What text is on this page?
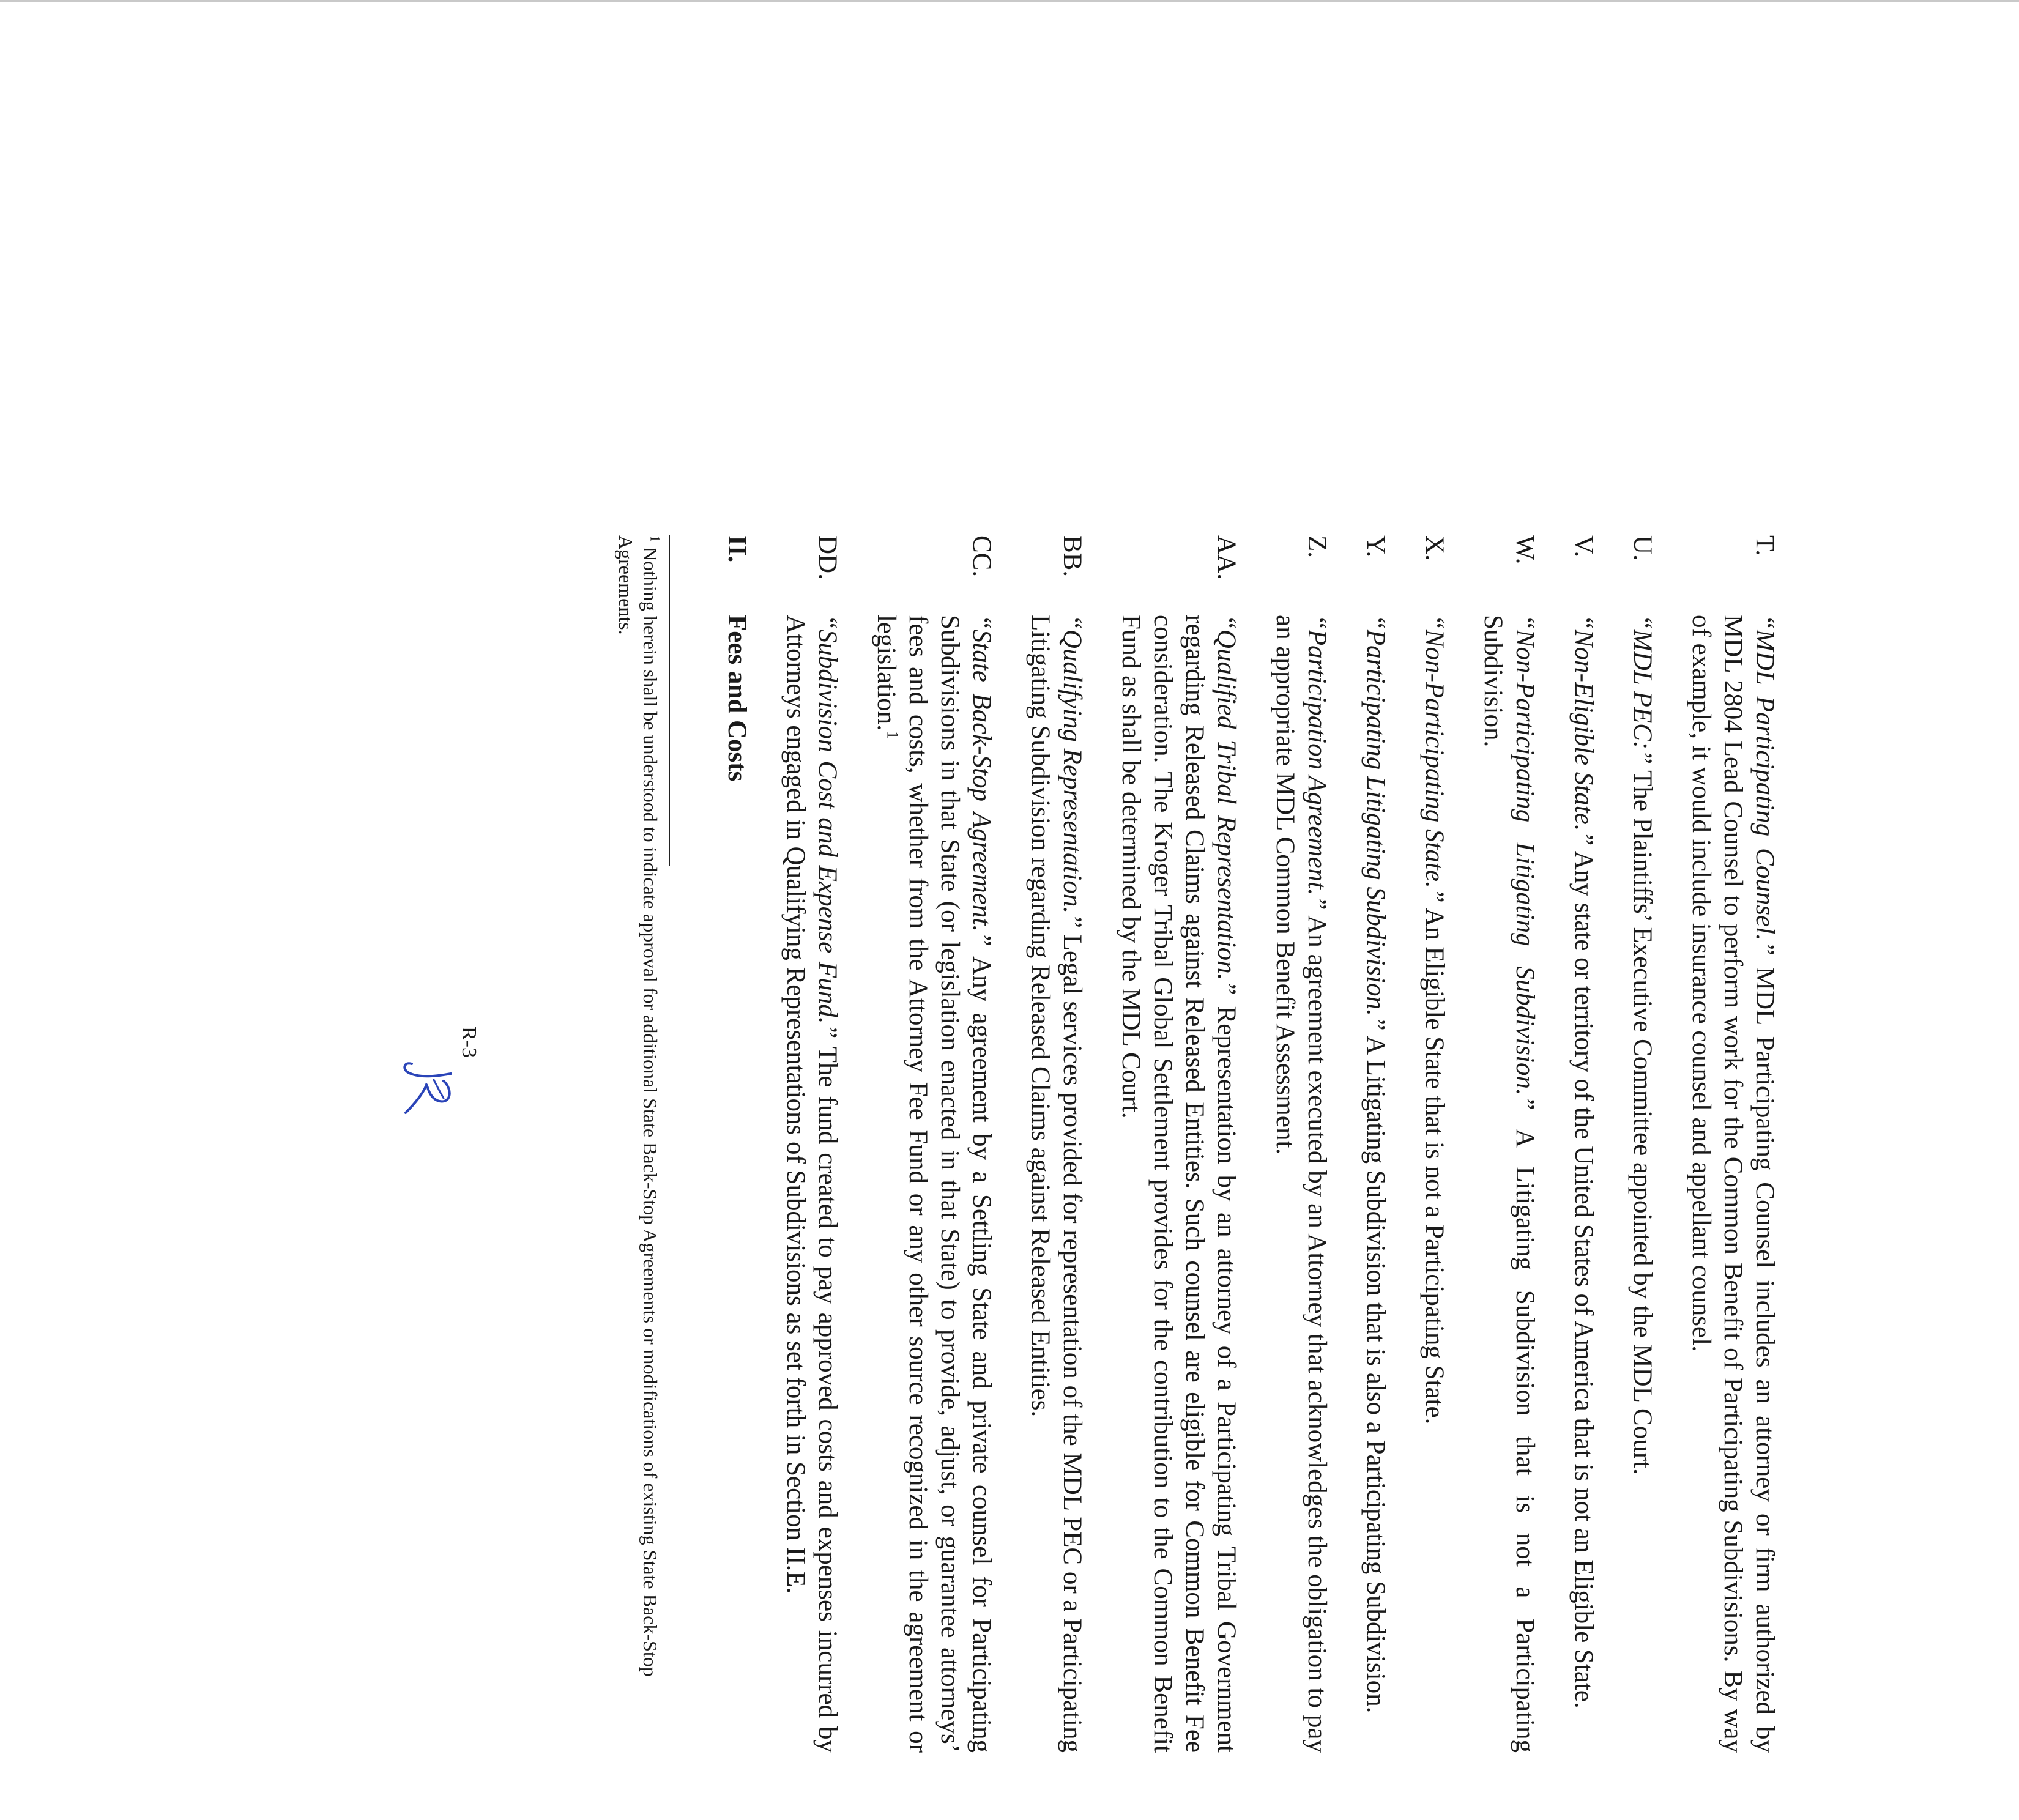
T.
“MDL Participating Counsel.” MDL Participating Counsel includes an attorney or firm authorized by MDL 2804 Lead Counsel to perform work for the Common Benefit of Participating Subdivisions. By way of example, it would include insurance counsel and appellant counsel.

U.
“MDL PEC:” The Plaintiffs’ Executive Committee appointed by the MDL Court.

V.
“Non-Eligible State.” Any state or territory of the United States of America that is not an Eligible State.

W.
“Non-Participating Litigating Subdivision.” A Litigating Subdivision that is not a Participating Subdivision.

X.
“Non-Participating State.” An Eligible State that is not a Participating State.

Y.
“Participating Litigating Subdivision.” A Litigating Subdivision that is also a Participating Subdivision.

Z.
“Participation Agreement.” An agreement executed by an Attorney that acknowledges the obligation to pay an appropriate MDL Common Benefit Assessment.

AA.
“Qualified Tribal Representation.” Representation by an attorney of a Participating Tribal Government regarding Released Claims against Released Entities. Such counsel are eligible for Common Benefit Fee consideration. The Kroger Tribal Global Settlement provides for the contribution to the Common Benefit Fund as shall be determined by the MDL Court.

BB.
“Qualifying Representation.” Legal services provided for representation of the MDL PEC or a Participating Litigating Subdivision regarding Released Claims against Released Entities.

CC.
“State Back-Stop Agreement.” Any agreement by a Settling State and private counsel for Participating Subdivisions in that State (or legislation enacted in that State) to provide, adjust, or guarantee attorneys’ fees and costs, whether from the Attorney Fee Fund or any other source recognized in the agreement or legislation.$^1$

DD.
“Subdivision Cost and Expense Fund.” The fund created to pay approved costs and expenses incurred by Attorneys engaged in Qualifying Representations of Subdivisions as set forth in Section II.E.

II.
Fees and Costs
$^1$ Nothing herein shall be understood to indicate approval for additional State Back-Stop Agreements or modifications of existing State Back-Stop Agreements.
R-3
